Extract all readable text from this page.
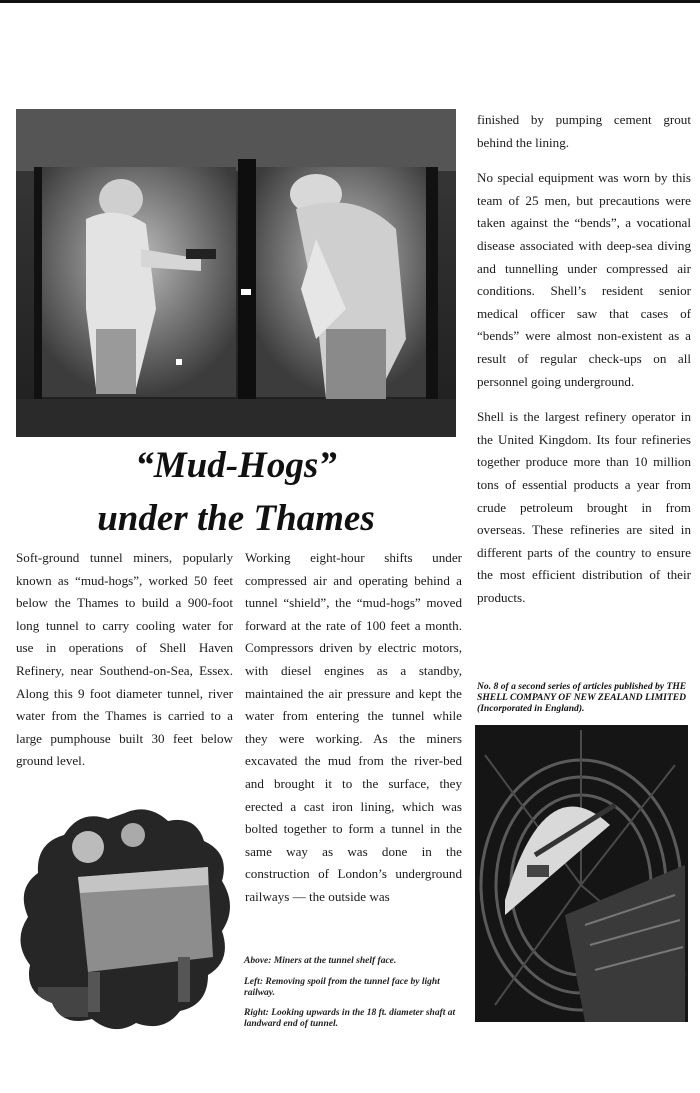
“Mud-Hogs”
under the Thames

Soft-ground tunnel miners, popularly known as “mud-hogs”, worked 50 feet below the Thames to build a 900-foot long tunnel to carry cooling water for use in operations of Shell Haven Refinery, near Southend-on-Sea, Essex. Along this 9 foot diameter tunnel, river water from the Thames is carried to a large pumphouse built 30 feet below ground level.

Working eight-hour shifts under compressed air and operating behind a tunnel “shield”, the “mud-hogs” moved forward at the rate of 100 feet a month. Compressors driven by electric motors, with diesel engines as a standby, maintained the air pressure and kept the water from entering the tunnel while they were working. As the miners excavated the mud from the river-bed and brought it to the surface, they erected a cast iron lining, which was bolted together to form a tunnel in the same way as was done in the construction of London’s underground railways — the outside was

finished by pumping cement grout behind the lining.

No special equipment was worn by this team of 25 men, but precautions were taken against the “bends”, a vocational disease associated with deep-sea diving and tunnelling under compressed air conditions. Shell’s resident senior medical officer saw that cases of “bends” were almost non-existent as a result of regular check-ups on all personnel going underground.

Shell is the largest refinery operator in the United Kingdom. Its four refineries together produce more than 10 million tons of essential products a year from crude petroleum brought in from overseas. These refineries are sited in different parts of the country to ensure the most efficient distribution of their products.

No. 8 of a second series of articles published by THE SHELL COMPANY OF NEW ZEALAND LIMITED (Incorporated in England).
Above: Miners at the tunnel shelf face.
Left: Removing spoil from the tunnel face by light railway.
Right: Looking upwards in the 18 ft. diameter shaft at landward end of tunnel.
